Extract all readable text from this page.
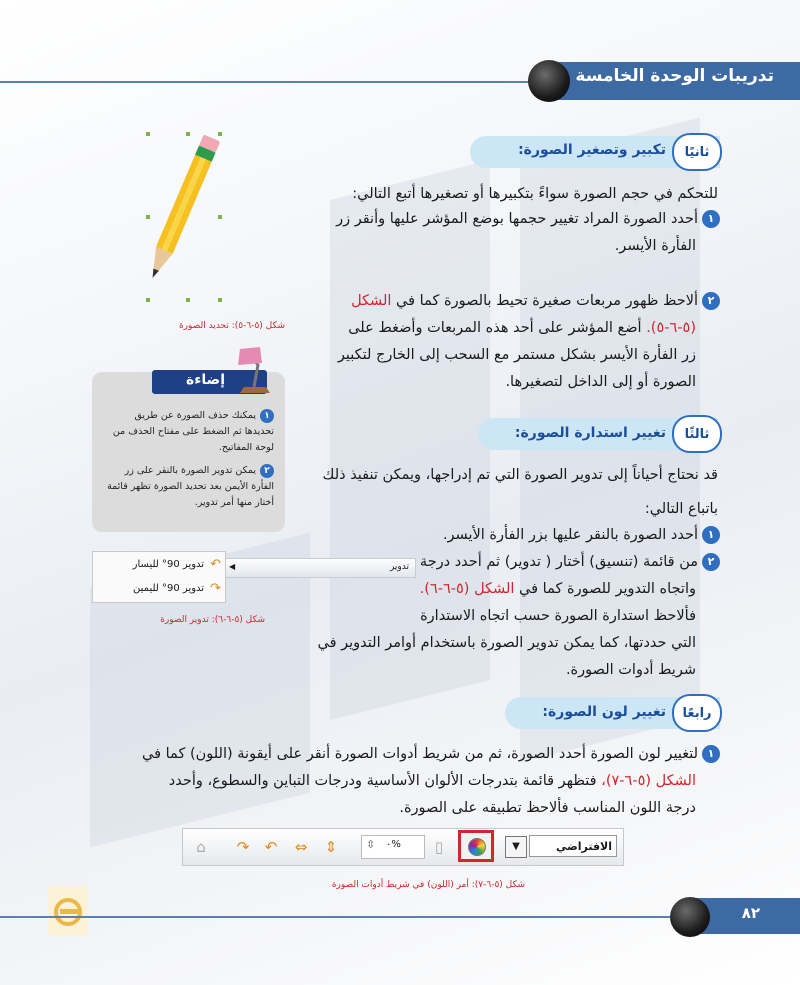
تدريبات الوحدة الخامسة
شكل (٥-٦-٥): تحديد الصورة
ثانيًا
تكبير وتصغير الصورة:
للتحكم في حجم الصورة سواءً بتكبيرها أو تصغيرها أتبع التالي:
١أحدد الصورة المراد تغيير حجمها بوضع المؤشر عليها وأنقر زر
الفأرة الأيسر.
٢ألاحظ ظهور مربعات صغيرة تحيط بالصورة كما في الشكل
(٥-٦-٥). أضع المؤشر على أحد هذه المربعات وأضغط على
زر الفأرة الأيسر بشكل مستمر مع السحب إلى الخارج لتكبير
الصورة أو إلى الداخل لتصغيرها.
إضاءة
١يمكنك حذف الصورة عن طريق تحديدها ثم الضغط على مفتاح الحذف من لوحة المفاتيح.
٢يمكن تدوير الصورة بالنقر على زر الفأرة الأيمن بعد تحديد الصورة تظهر قائمة أختار منها أمر تدوير.
ثالثًا
تغيير استدارة الصورة:
قد نحتاج أحياناً إلى تدوير الصورة التي تم إدراجها، ويمكن تنفيذ ذلك
باتباع التالي:
١أحدد الصورة بالنقر عليها بزر الفأرة الأيسر.
٢من قائمة (تنسيق) أختار ( تدوير) ثم أحدد درجة
واتجاه التدوير للصورة كما في الشكل (٥-٦-٦).
فألاحظ استدارة الصورة حسب اتجاه الاستدارة
التي حددتها، كما يمكن تدوير الصورة باستخدام أوامر التدوير في
شريط أدوات الصورة.
◀	تدوير
↶
تدوير 90° لليسار
↷
تدوير 90° لليمين
شكل (٥-٦-٦): تدوير الصورة
رابعًا
تغيير لون الصورة:
١لتغيير لون الصورة أحدد الصورة، ثم من شريط أدوات الصورة أنقر على أيقونة (اللون) كما في
الشكل (٥-٦-٧)، فتظهر قائمة بتدرجات الألوان الأساسية ودرجات التباين والسطوع، وأحدد
درجة اللون المناسب فألاحظ تطبيقه على الصورة.
⌂	↷ ↶ ⇔ ⇕	⇳ ٠%	▯	▼	الافتراضي
شكل (٥-٦-٧): أمر (اللون) في شريط أدوات الصورة
٨٢
